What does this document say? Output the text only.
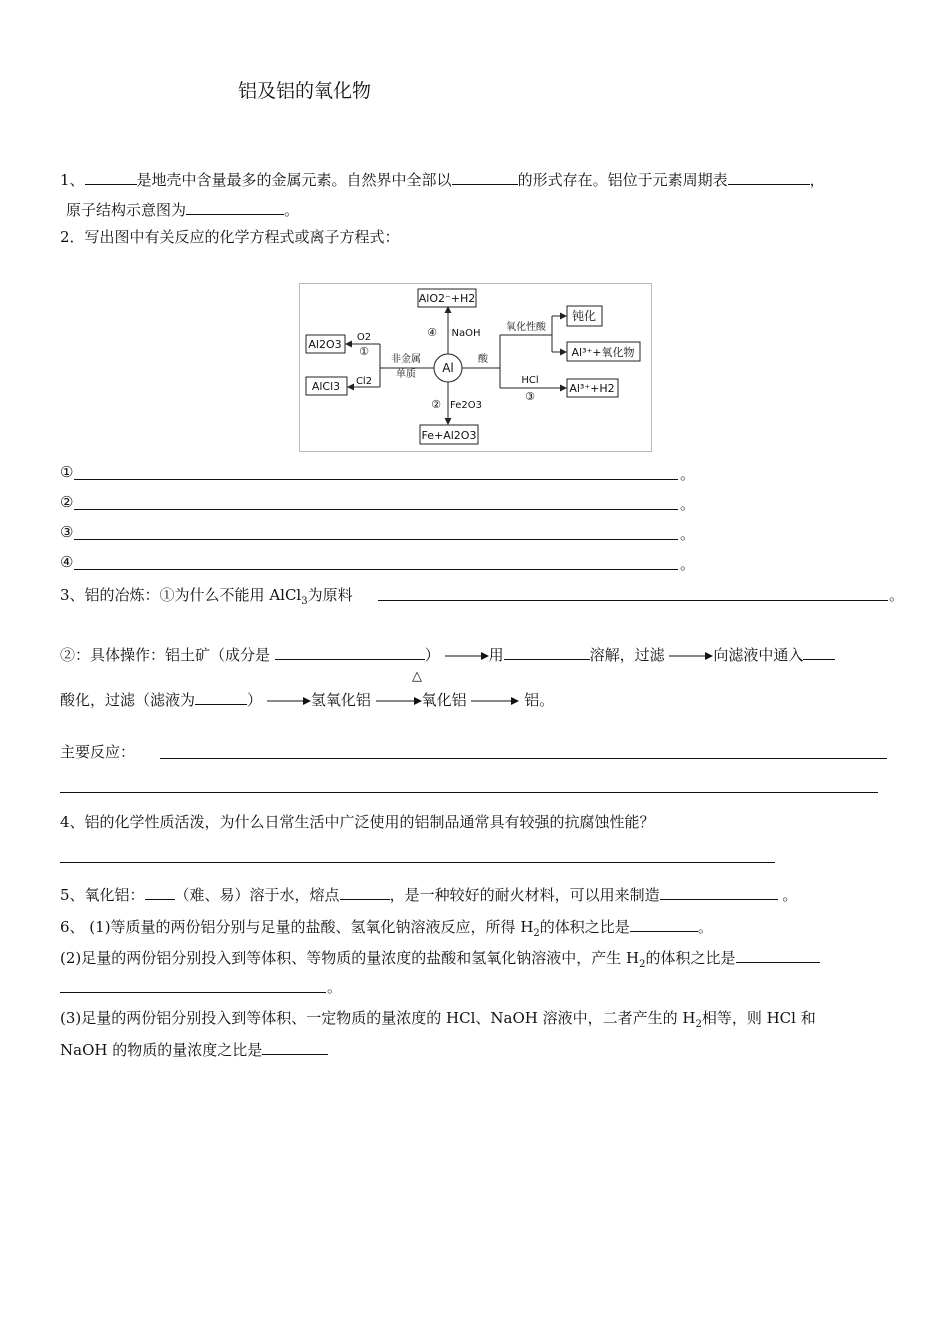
铝及铝的氧化物
1、	是地壳中含量最多的金属元素。自然界中全部以	的形式存在。铝位于元素周期表	，
原子结构示意图为	。
2．写出图中有关反应的化学方程式或离子方程式：
Al
AlO2⁻+H2
Fe+Al2O3
Al2O3
AlCl3
钝化
Al³⁺+氧化物
Al³⁺+H2
④ NaOH
② Fe2O3
O2
①
Cl2
非金属
单质
酸
氧化性酸
HCl
③
①	。
②	。
③	。
④	。
3、铝的冶炼：①为什么不能用 AlCl$_3$为原料	。
②：具体操作：铝土矿（成分是	）	用	溶解，过滤	向滤液中通入
△
酸化，过滤（滤液为	）	氢氧化铝	氧化铝	铝。
主要反应：
4、铝的化学性质活泼，为什么日常生活中广泛使用的铝制品通常具有较强的抗腐蚀性能？
5、氧化铝： （难、易）溶于水，熔点	，是一种较好的耐火材料，可以用来制造	。
6、 (1)等质量的两份铝分别与足量的盐酸、氢氧化钠溶液反应，所得 $H_2$的体积之比是	。
(2)足量的两份铝分别投入到等体积、等物质的量浓度的盐酸和氢氧化钠溶液中，产生 $H_2$的体积之比是
。
(3)足量的两份铝分别投入到等体积、一定物质的量浓度的 HCl、NaOH 溶液中，二者产生的 $H_2$相等，则 HCl 和
NaOH 的物质的量浓度之比是
